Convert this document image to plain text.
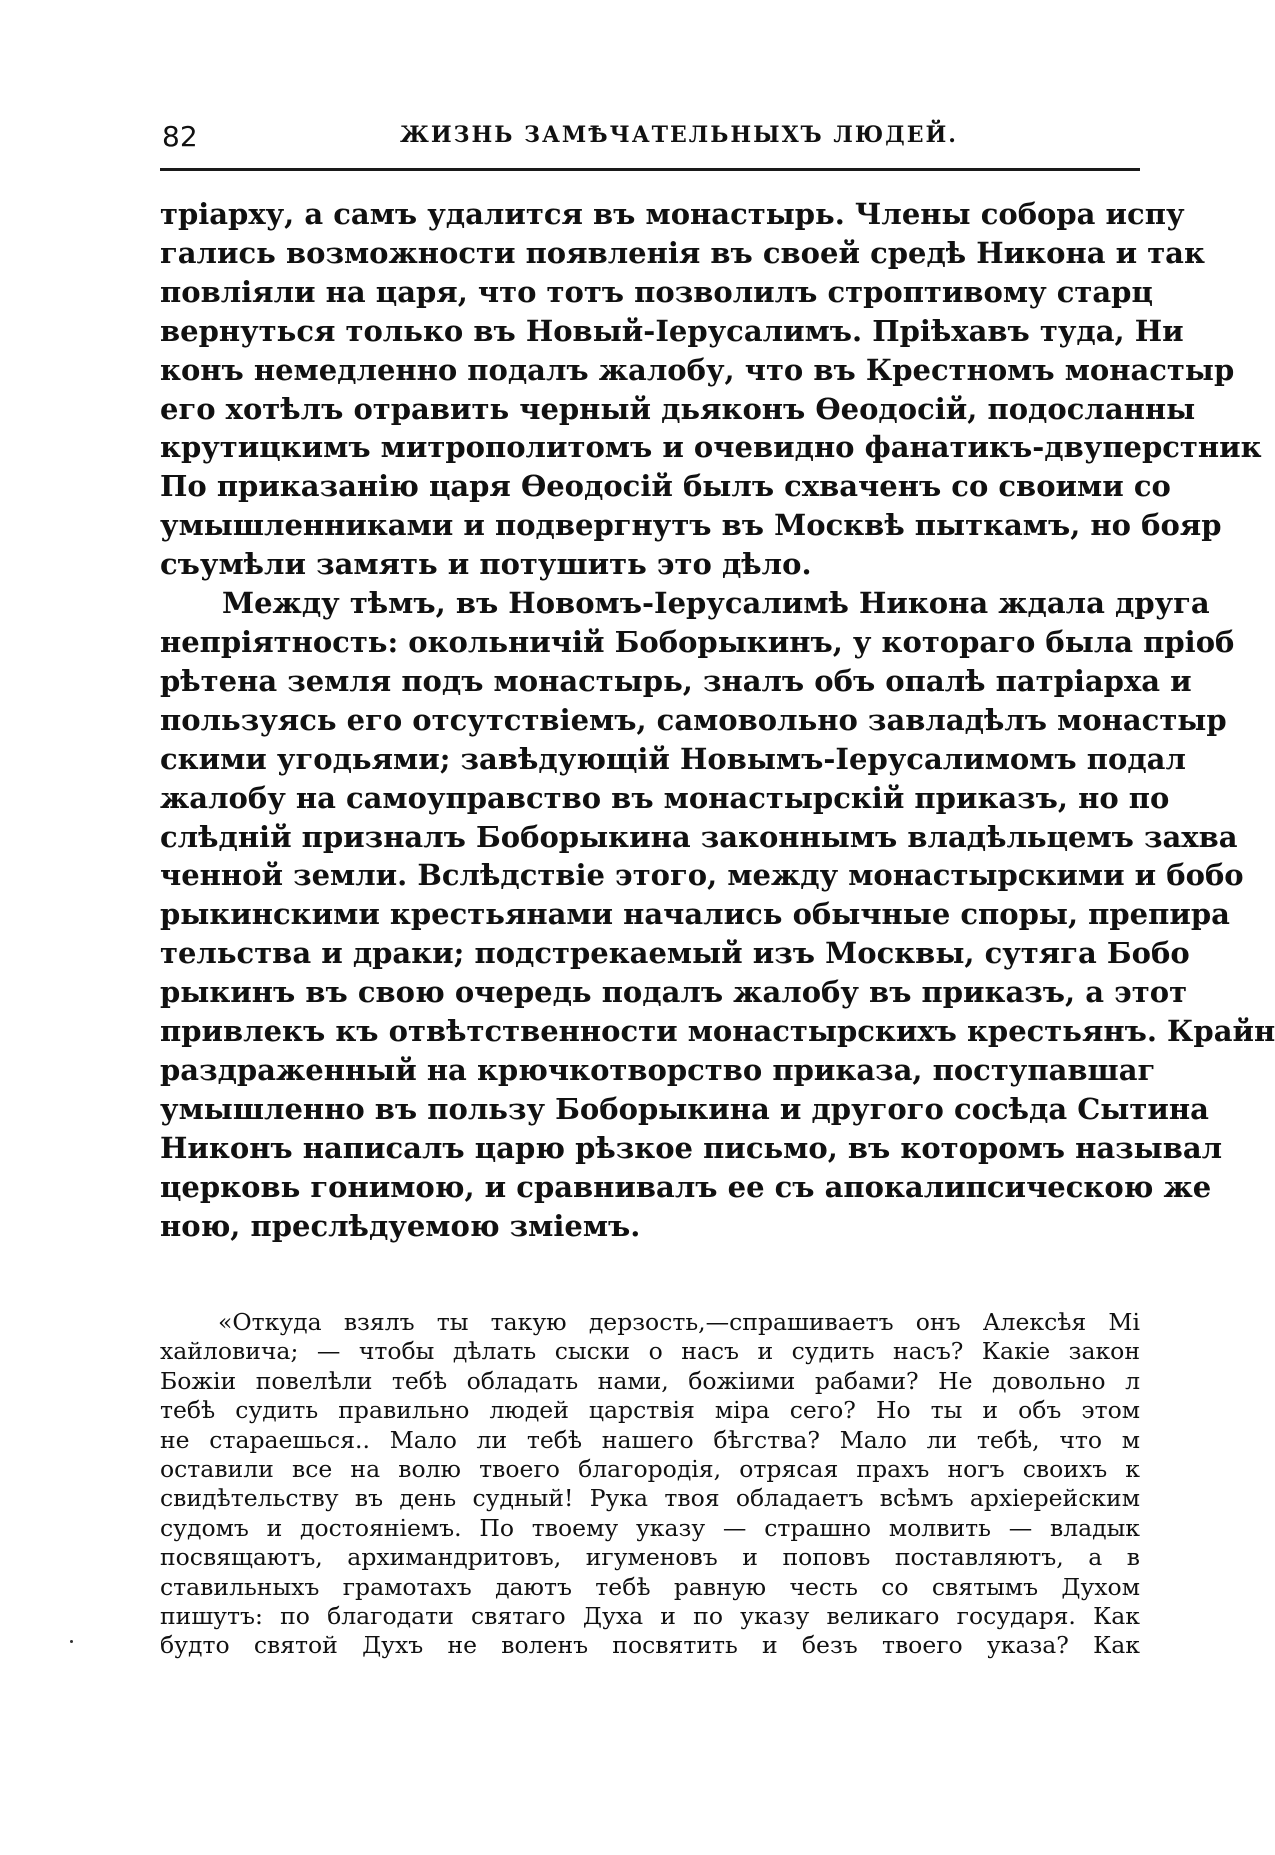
82	ЖИЗНЬ ЗАМѢЧАТЕЛЬНЫХЪ ЛЮДЕЙ.
тріарху, а самъ удалится въ монастырь. Члены собора испу
гались возможности появленія въ своей средѣ Никона и так
повліяли на царя, что тотъ позволилъ строптивому старц
вернуться только въ Новый-Іерусалимъ. Пріѣхавъ туда, Ни
конъ немедленно подалъ жалобу, что въ Крестномъ монастыр
его хотѣлъ отравить черный дьяконъ Ѳеодосій, подосланны
крутицкимъ митрополитомъ и очевидно фанатикъ-двуперстник
По приказанію царя Ѳеодосій былъ схваченъ со своими со
умышленниками и подвергнутъ въ Москвѣ пыткамъ, но бояр
съумѣли замять и потушить это дѣло.
Между тѣмъ, въ Новомъ-Іерусалимѣ Никона ждала друга
непріятность: окольничій Боборыкинъ, у котораго была пріоб
рѣтена земля подъ монастырь, зналъ объ опалѣ патріарха и
пользуясь его отсутствіемъ, самовольно завладѣлъ монастыр
скими угодьями; завѣдующій Новымъ-Іерусалимомъ подал
жалобу на самоуправство въ монастырскій приказъ, но по
слѣдній призналъ Боборыкина законнымъ владѣльцемъ захва
ченной земли. Вслѣдствіе этого, между монастырскими и бобо
рыкинскими крестьянами начались обычные споры, препира
тельства и драки; подстрекаемый изъ Москвы, сутяга Бобо
рыкинъ въ свою очередь подалъ жалобу въ приказъ, а этот
привлекъ къ отвѣтственности монастырскихъ крестьянъ. Крайн
раздраженный на крючкотворство приказа, поступавшаг
умышленно въ пользу Боборыкина и другого сосѣда Сытина
Никонъ написалъ царю рѣзкое письмо, въ которомъ называл
церковь гонимою, и сравнивалъ ее съ апокалипсическою же
ною, преслѣдуемою зміемъ.
«Откуда взялъ ты такую дерзость,—спрашиваетъ онъ Алексѣя Мі
хайловича; — чтобы дѣлать сыски о насъ и судить насъ? Какіе закон
Божіи повелѣли тебѣ обладать нами, божіими рабами? Не довольно л
тебѣ судить правильно людей царствія міра сего? Но ты и объ этом
не стараешься.. Мало ли тебѣ нашего бѣгства? Мало ли тебѣ, что м
оставили все на волю твоего благородія, отрясая прахъ ногъ своихъ к
свидѣтельству въ день судный! Рука твоя обладаетъ всѣмъ архіерейским
судомъ и достояніемъ. По твоему указу — страшно молвить — владык
посвящаютъ, архимандритовъ, игуменовъ и поповъ поставляютъ, а в
ставильныхъ грамотахъ даютъ тебѣ равную честь со святымъ Духом
пишутъ: по благодати святаго Духа и по указу великаго государя. Как
будто святой Духъ не воленъ посвятить и безъ твоего указа? Как
